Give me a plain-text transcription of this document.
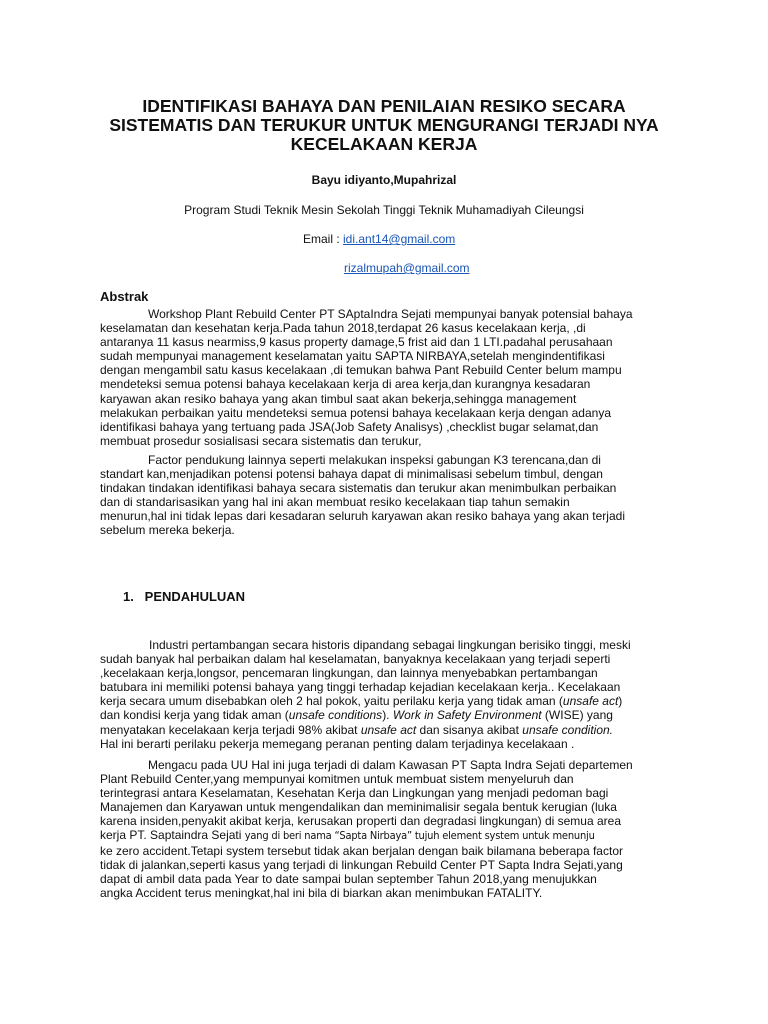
IDENTIFIKASI BAHAYA DAN PENILAIAN RESIKO SECARA
SISTEMATIS DAN TERUKUR UNTUK MENGURANGI TERJADI NYA
KECELAKAAN KERJA

Bayu idiyanto,Mupahrizal

Program Studi Teknik Mesin Sekolah Tinggi Teknik Muhamadiyah Cileungsi

Email : idi.ant14@gmail.com

rizalmupah@gmail.com

Abstrak
Workshop Plant Rebuild Center PT SAptaIndra Sejati mempunyai banyak potensial bahaya
keselamatan dan kesehatan kerja.Pada tahun 2018,terdapat 26 kasus kecelakaan kerja, ,di
antaranya 11 kasus nearmiss,9 kasus property damage,5 frist aid dan 1 LTI.padahal perusahaan
sudah mempunyai management keselamatan yaitu SAPTA NIRBAYA,setelah mengindentifikasi
dengan mengambil satu kasus kecelakaan ,di temukan bahwa Pant Rebuild Center belum mampu
mendeteksi semua potensi bahaya kecelakaan kerja di area kerja,dan kurangnya kesadaran
karyawan akan resiko bahaya yang akan timbul saat akan bekerja,sehingga management
melakukan perbaikan yaitu mendeteksi semua potensi bahaya kecelakaan kerja dengan adanya
identifikasi bahaya yang tertuang pada JSA(Job Safety Analisys) ,checklist bugar selamat,dan
membuat prosedur sosialisasi secara sistematis dan terukur,
Factor pendukung lainnya seperti melakukan inspeksi gabungan K3 terencana,dan di
standart kan,menjadikan potensi potensi bahaya dapat di minimalisasi sebelum timbul, dengan
tindakan tindakan identifikasi bahaya secara sistematis dan terukur akan menimbulkan perbaikan
dan di standarisasikan yang hal ini akan membuat resiko kecelakaan tiap tahun semakin
menurun,hal ini tidak lepas dari kesadaran seluruh karyawan akan resiko bahaya yang akan terjadi
sebelum mereka bekerja.
1.   PENDAHULUAN
Industri pertambangan secara historis dipandang sebagai lingkungan berisiko tinggi, meski
sudah banyak hal perbaikan dalam hal keselamatan, banyaknya kecelakaan yang terjadi seperti
,kecelakaan kerja,longsor, pencemaran lingkungan, dan lainnya menyebabkan pertambangan
batubara ini memiliki potensi bahaya yang tinggi terhadap kejadian kecelakaan kerja.. Kecelakaan
kerja secara umum disebabkan oleh 2 hal pokok, yaitu perilaku kerja yang tidak aman (unsafe act)
dan kondisi kerja yang tidak aman (unsafe conditions). Work in Safety Environment (WISE) yang
menyatakan kecelakaan kerja terjadi 98% akibat unsafe act dan sisanya akibat unsafe condition.
Hal ini berarti perilaku pekerja memegang peranan penting dalam terjadinya kecelakaan .
Mengacu pada UU Hal ini juga terjadi di dalam Kawasan PT Sapta Indra Sejati departemen
Plant Rebuild Center,yang mempunyai komitmen untuk membuat sistem menyeluruh dan
terintegrasi antara Keselamatan, Kesehatan Kerja dan Lingkungan yang menjadi pedoman bagi
Manajemen dan Karyawan untuk mengendalikan dan meminimalisir segala bentuk kerugian (luka
karena insiden,penyakit akibat kerja, kerusakan properti dan degradasi lingkungan) di semua area
kerja PT. Saptaindra Sejati yang di beri nama “Sapta Nirbaya” tujuh element system untuk menunju
ke zero accident.Tetapi system tersebut tidak akan berjalan dengan baik bilamana beberapa factor
tidak di jalankan,seperti kasus yang terjadi di linkungan Rebuild Center PT Sapta Indra Sejati,yang
dapat di ambil data pada Year to date sampai bulan september Tahun 2018,yang menujukkan
angka Accident terus meningkat,hal ini bila di biarkan akan menimbukan FATALITY.
